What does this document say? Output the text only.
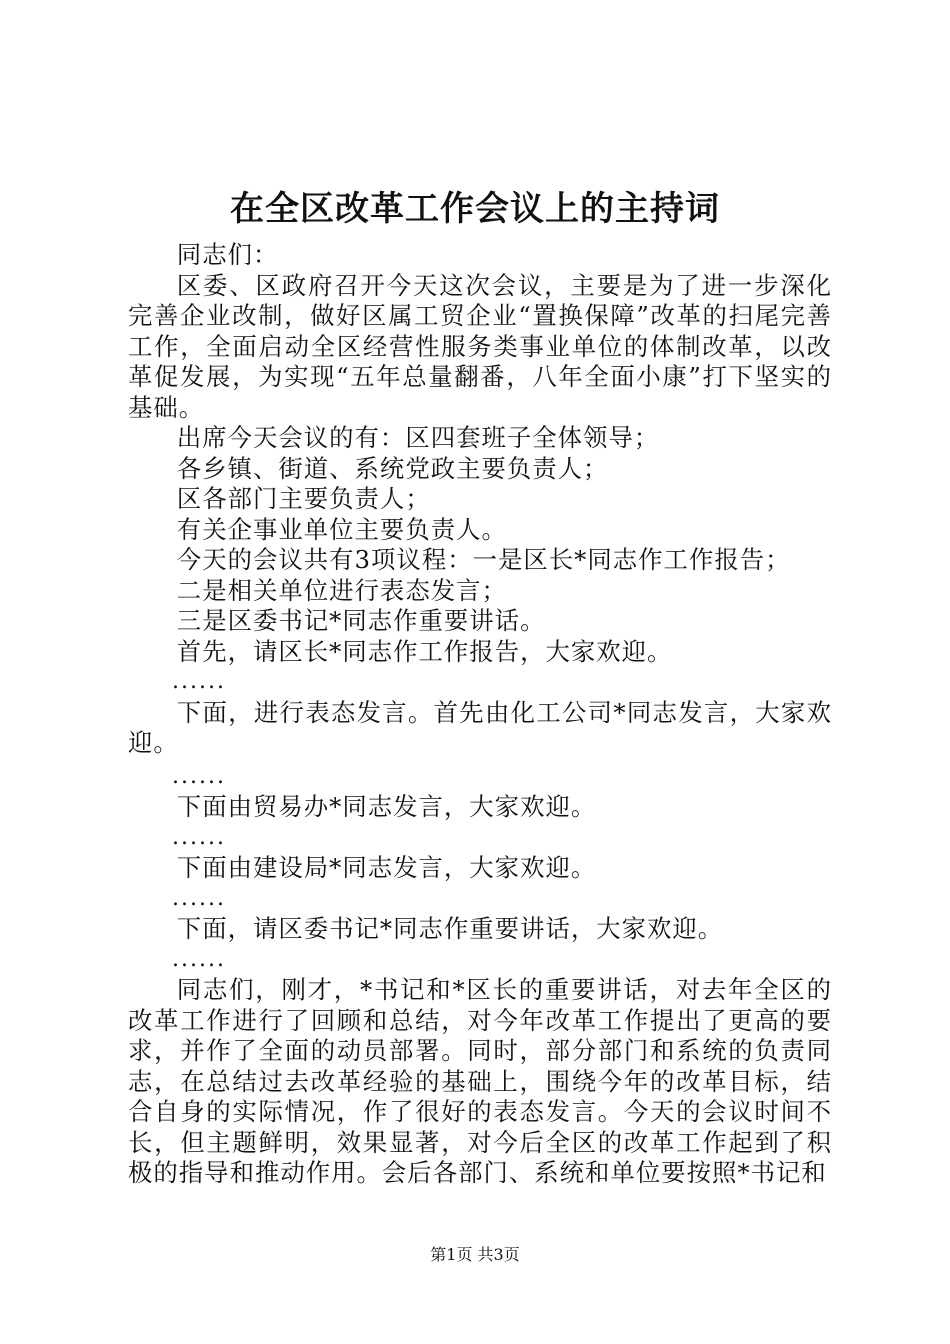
在全区改革工作会议上的主持词

同志们：

区委、区政府召开今天这次会议，主要是为了进一步深化完善企业改制，做好区属工贸企业“置换保障”改革的扫尾完善工作，全面启动全区经营性服务类事业单位的体制改革，以改革促发展，为实现“五年总量翻番，八年全面小康”打下坚实的基础。

出席今天会议的有：区四套班子全体领导；

各乡镇、街道、系统党政主要负责人；

区各部门主要负责人；

有关企事业单位主要负责人。

今天的会议共有3项议程：一是区长*同志作工作报告；

二是相关单位进行表态发言；

三是区委书记*同志作重要讲话。

首先，请区长*同志作工作报告，大家欢迎。

......

下面，进行表态发言。首先由化工公司*同志发言，大家欢迎。

......

下面由贸易办*同志发言，大家欢迎。

......

下面由建设局*同志发言，大家欢迎。

......

下面，请区委书记*同志作重要讲话，大家欢迎。

......

同志们，刚才，*书记和*区长的重要讲话，对去年全区的改革工作进行了回顾和总结，对今年改革工作提出了更高的要求，并作了全面的动员部署。同时，部分部门和系统的负责同志，在总结过去改革经验的基础上，围绕今年的改革目标，结合自身的实际情况，作了很好的表态发言。今天的会议时间不长，但主题鲜明，效果显著，对今后全区的改革工作起到了积极的指导和推动作用。会后各部门、系统和单位要按照*书记和

第1页 共3页
